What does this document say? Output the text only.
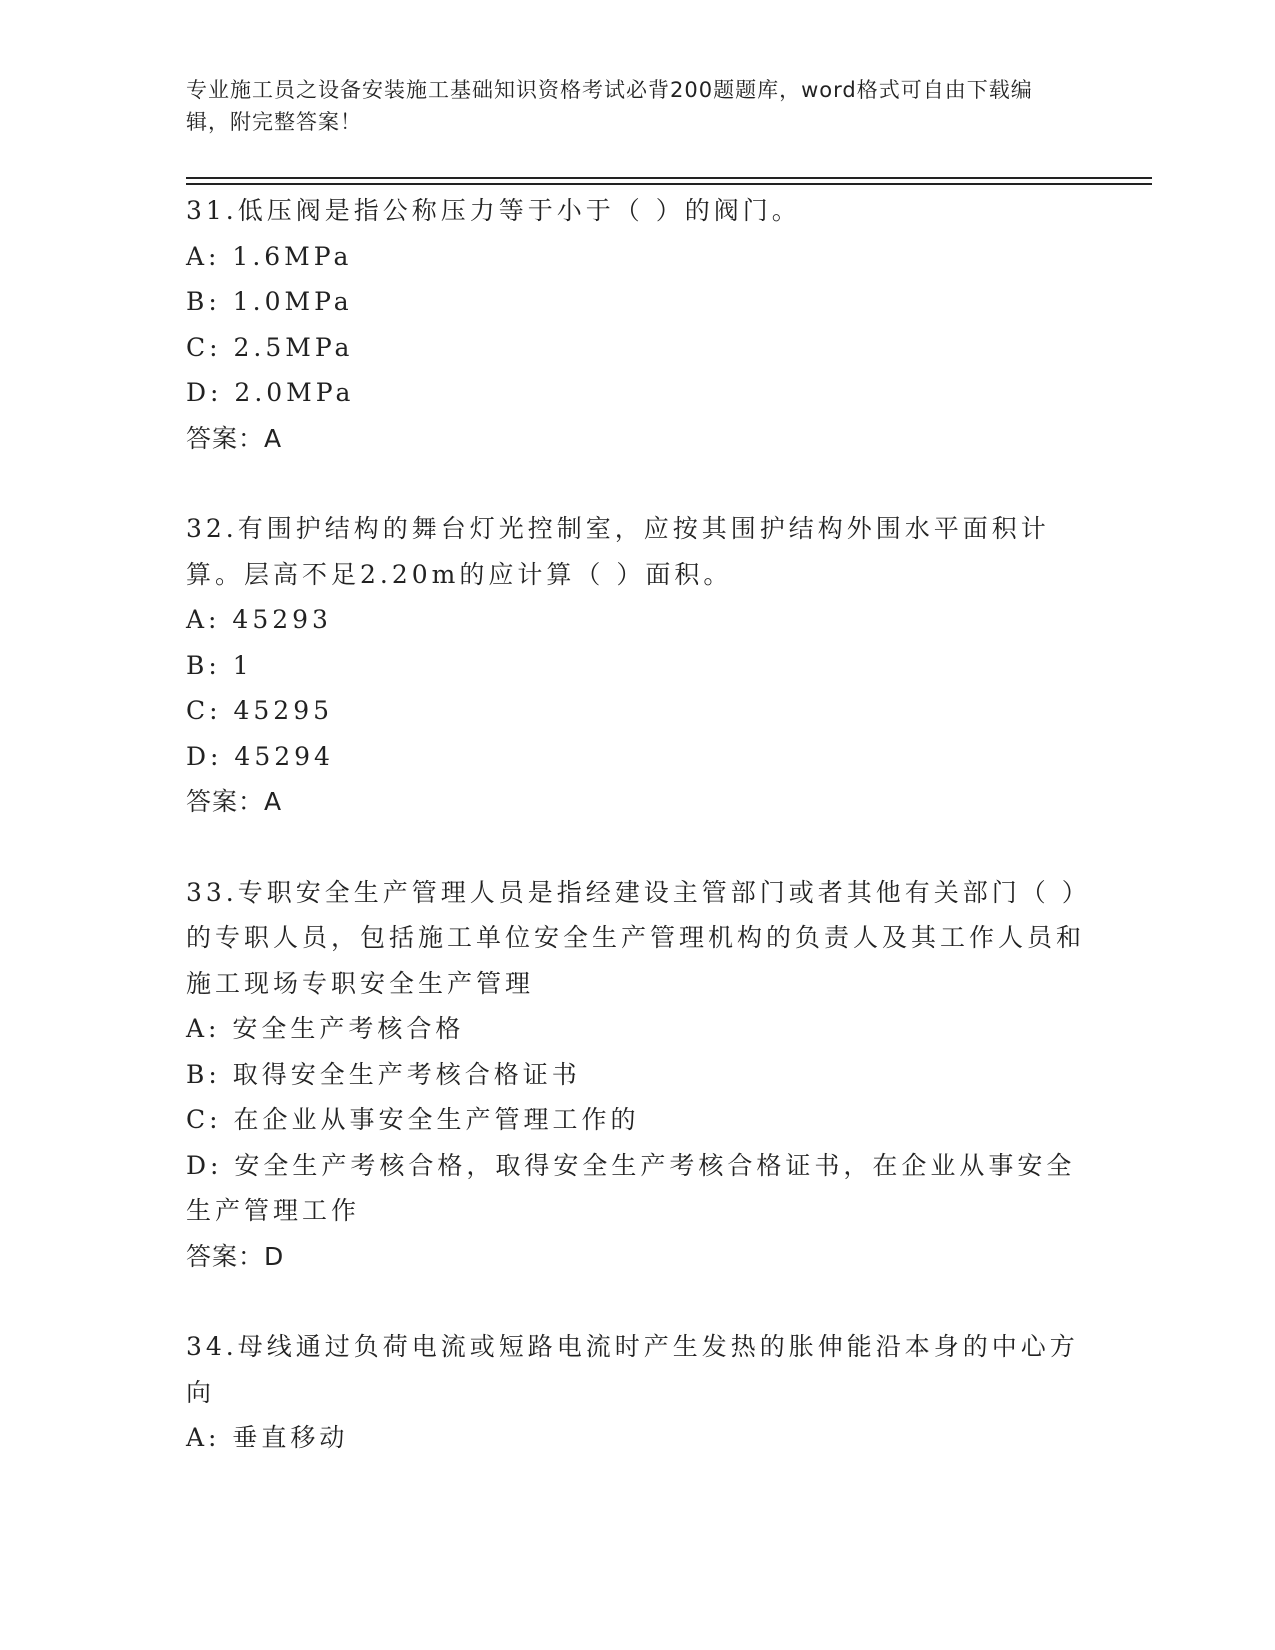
专业施工员之设备安装施工基础知识资格考试必背200题题库，word格式可自由下载编辑，附完整答案！
31.低压阀是指公称压力等于小于（ ）的阀门。
A: 1.6MPa
B: 1.0MPa
C: 2.5MPa
D: 2.0MPa
答案：A
32.有围护结构的舞台灯光控制室，应按其围护结构外围水平面积计算。层高不足2.20m的应计算（ ）面积。
A: 45293
B: 1
C: 45295
D: 45294
答案：A
33.专职安全生产管理人员是指经建设主管部门或者其他有关部门（ ）的专职人员，包括施工单位安全生产管理机构的负责人及其工作人员和施工现场专职安全生产管理
A: 安全生产考核合格
B: 取得安全生产考核合格证书
C: 在企业从事安全生产管理工作的
D: 安全生产考核合格，取得安全生产考核合格证书，在企业从事安全生产管理工作
答案：D
34.母线通过负荷电流或短路电流时产生发热的胀伸能沿本身的中心方向
A: 垂直移动
